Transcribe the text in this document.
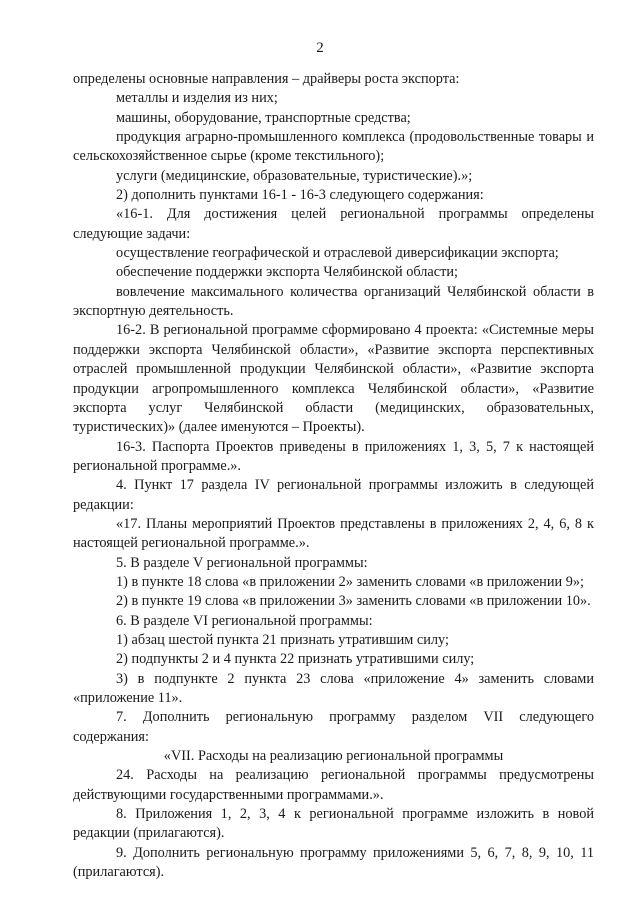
2

определены основные направления – драйверы роста экспорта:

металлы и изделия из них;

машины, оборудование, транспортные средства;

продукция аграрно-промышленного комплекса (продовольственные товары и сельскохозяйственное сырье (кроме текстильного);

услуги (медицинские, образовательные, туристические).»;

2) дополнить пунктами 16-1 - 16-3 следующего содержания:

«16-1. Для достижения целей региональной программы определены следующие задачи:

осуществление географической и отраслевой диверсификации экспорта;

обеспечение поддержки экспорта Челябинской области;

вовлечение максимального количества организаций Челябинской области в экспортную деятельность.

16-2. В региональной программе сформировано 4 проекта: «Системные меры поддержки экспорта Челябинской области», «Развитие экспорта перспективных отраслей промышленной продукции Челябинской области», «Развитие экспорта продукции агропромышленного комплекса Челябинской области», «Развитие экспорта услуг Челябинской области (медицинских, образовательных, туристических)» (далее именуются – Проекты).

16-3. Паспорта Проектов приведены в приложениях 1, 3, 5, 7 к настоящей региональной программе.».

4. Пункт 17 раздела IV региональной программы изложить в следующей редакции:

«17. Планы мероприятий Проектов представлены в приложениях 2, 4, 6, 8 к настоящей региональной программе.».

5. В разделе V региональной программы:

1) в пункте 18 слова «в приложении 2» заменить словами «в приложении 9»;

2) в пункте 19 слова «в приложении 3» заменить словами «в приложении 10».

6. В разделе VI региональной программы:

1) абзац шестой пункта 21 признать утратившим силу;

2) подпункты 2 и 4 пункта 22 признать утратившими силу;

3) в подпункте 2 пункта 23 слова «приложение 4» заменить словами «приложение 11».

7. Дополнить региональную программу разделом VII следующего содержания:

«VII. Расходы на реализацию региональной программы

24. Расходы на реализацию региональной программы предусмотрены действующими государственными программами.».

8. Приложения 1, 2, 3, 4 к региональной программе изложить в новой редакции (прилагаются).

9. Дополнить региональную программу приложениями 5, 6, 7, 8, 9, 10, 11 (прилагаются).
